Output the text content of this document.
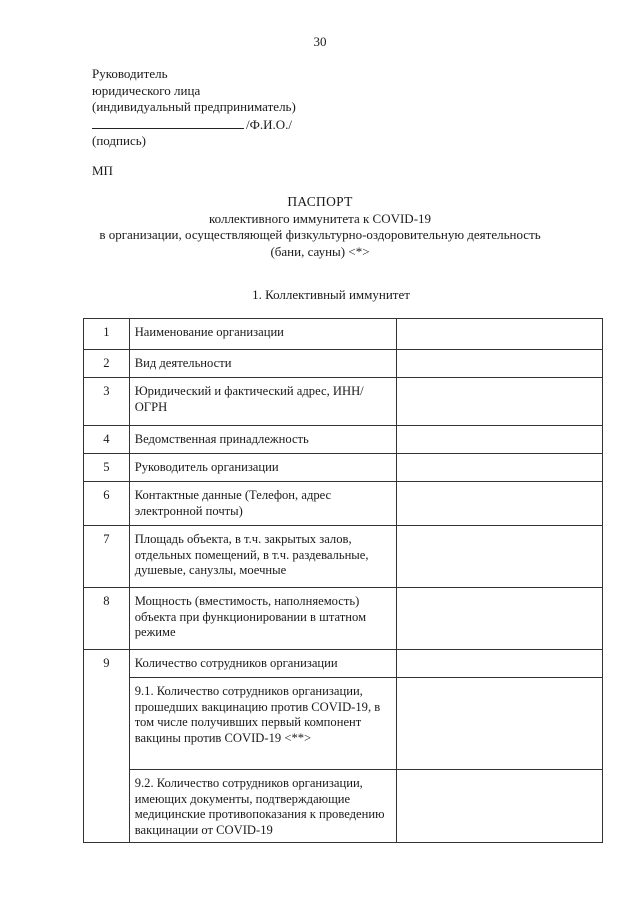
30
Руководитель
юридического лица
(индивидуальный предприниматель)
/Ф.И.О./
(подпись)
МП
ПАСПОРТ
коллективного иммунитета к COVID-19
в организации, осуществляющей физкультурно-оздоровительную деятельность
(бани, сауны) <*>
1. Коллективный иммунитет
1	Наименование организации	
2	Вид деятельности	
3	Юридический и фактический адрес, ИНН/ОГРН	
4	Ведомственная принадлежность	
5	Руководитель организации	
6	Контактные данные (Телефон, адрес электронной почты)	
7	Площадь объекта, в т.ч. закрытых залов, отдельных помещений, в т.ч. раздевальные, душевые, санузлы, моечные	
8	Мощность (вместимость, наполняемость) объекта при функционировании в штатном режиме	
9	Количество сотрудников организации	
	9.1. Количество сотрудников организации, прошедших вакцинацию против COVID-19, в том числе получивших первый компонент вакцины против COVID-19 <**>	
	9.2. Количество сотрудников организации, имеющих документы, подтверждающие медицинские противопоказания к проведению вакцинации от COVID-19	
